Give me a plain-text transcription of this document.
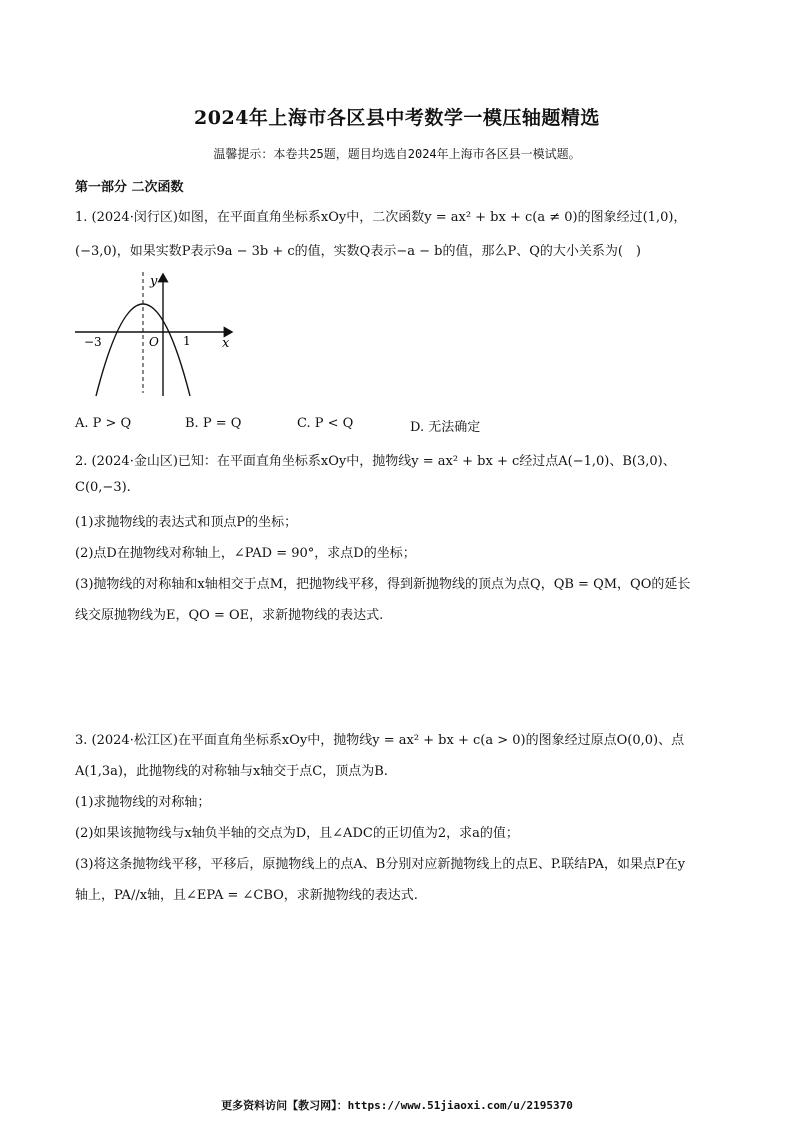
2024年上海市各区县中考数学一模压轴题精选
温馨提示：本卷共25题，题目均选自2024年上海市各区县一模试题。
第一部分 二次函数
1. (2024·闵行区)如图，在平面直角坐标系xOy中，二次函数y = ax² + bx + c(a ≠ 0)的图象经过(1,0)，
(−3,0)，如果实数P表示9a − 3b + c的值，实数Q表示−a − b的值，那么P、Q的大小关系为(　)
y
x
O
−3	1
A. P > Q	B. P = Q	C. P < Q	D. 无法确定
2. (2024·金山区)已知：在平面直角坐标系xOy中，抛物线y = ax² + bx + c经过点A(−1,0)、B(3,0)、
C(0,−3).
(1)求抛物线的表达式和顶点P的坐标；
(2)点D在抛物线对称轴上，∠PAD = 90°，求点D的坐标；
(3)抛物线的对称轴和x轴相交于点M，把抛物线平移，得到新抛物线的顶点为点Q，QB = QM，QO的延长
线交原抛物线为E，QO = OE，求新抛物线的表达式.
3. (2024·松江区)在平面直角坐标系xOy中，抛物线y = ax² + bx + c(a > 0)的图象经过原点O(0,0)、点
A(1,3a)，此抛物线的对称轴与x轴交于点C，顶点为B.
(1)求抛物线的对称轴；
(2)如果该抛物线与x轴负半轴的交点为D，且∠ADC的正切值为2，求a的值；
(3)将这条抛物线平移，平移后，原抛物线上的点A、B分别对应新抛物线上的点E、P.联结PA，如果点P在y
轴上，PA//x轴，且∠EPA = ∠CBO，求新抛物线的表达式.
更多资料访问【教习网】：https://www.51jiaoxi.com/u/2195370
